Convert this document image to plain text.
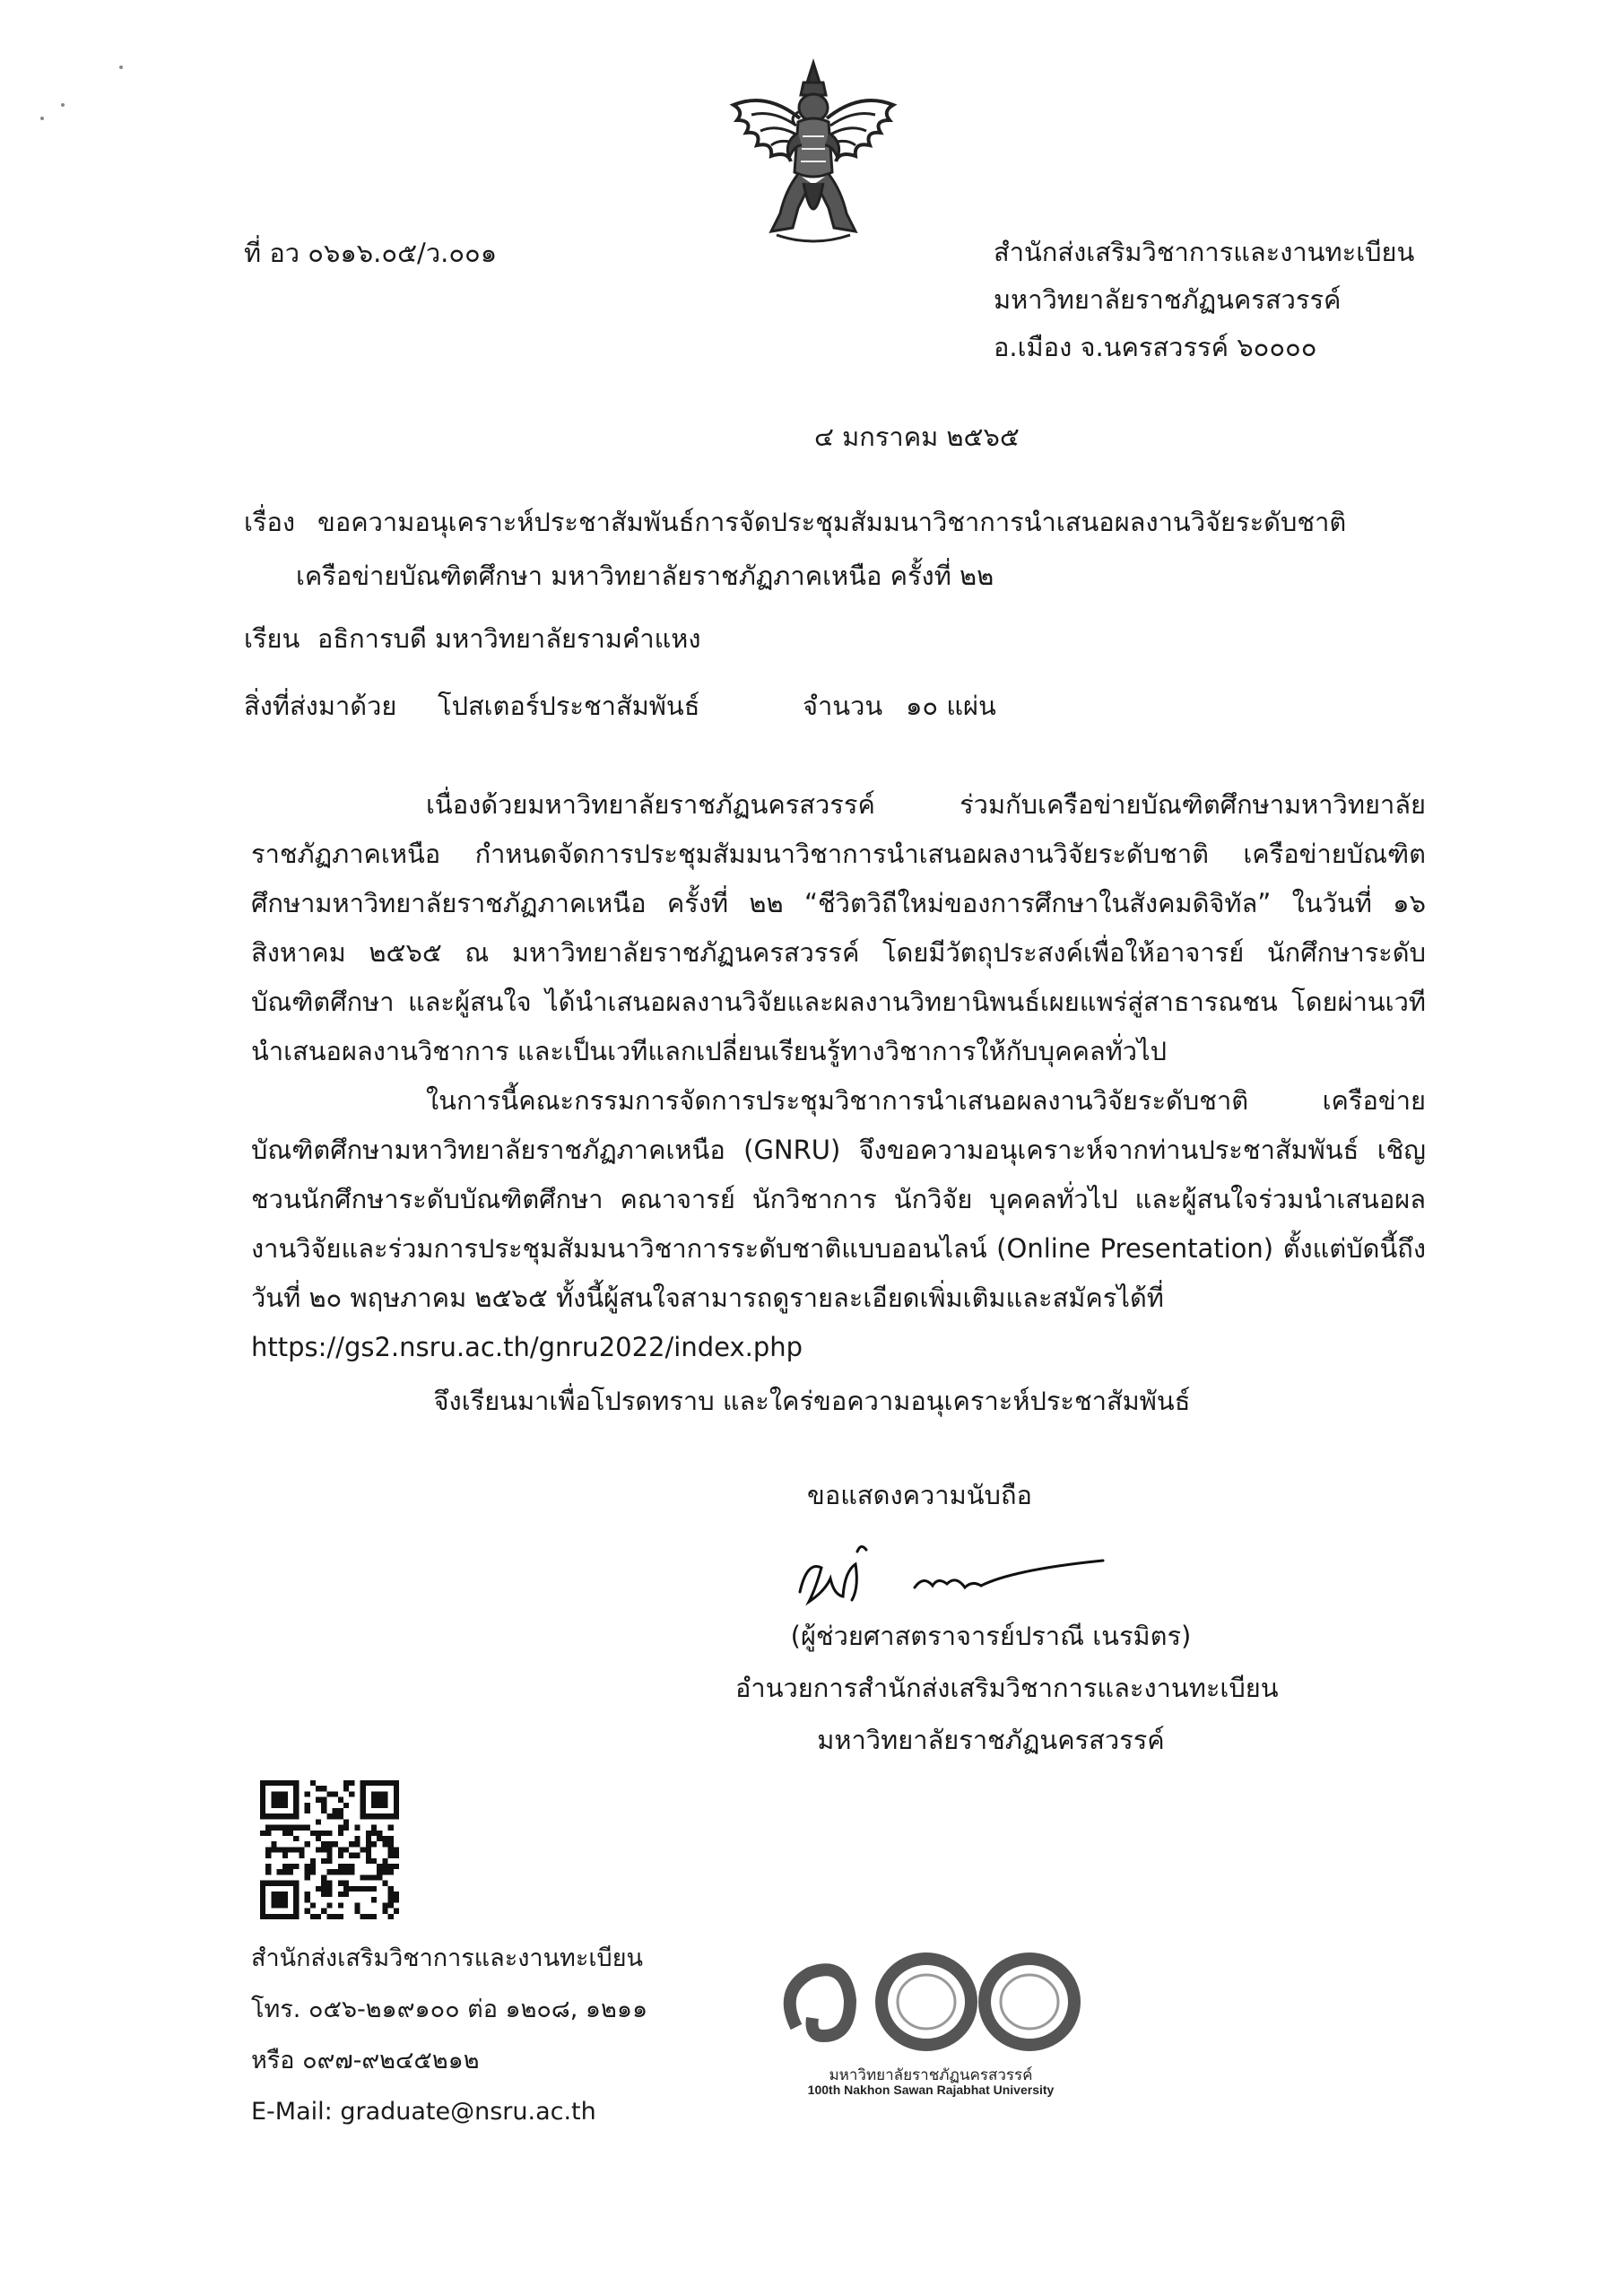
ที่ อว ๐๖๑๖.๐๕/ว.๐๐๑	สำนักส่งเสริมวิชาการและงานทะเบียน
มหาวิทยาลัยราชภัฏนครสวรรค์
อ.เมือง จ.นครสวรรค์ ๖๐๐๐๐
๔ มกราคม ๒๕๖๕
เรื่อง ขอความอนุเคราะห์ประชาสัมพันธ์การจัดประชุมสัมมนาวิชาการนำเสนอผลงานวิจัยระดับชาติ
เครือข่ายบัณฑิตศึกษา มหาวิทยาลัยราชภัฏภาคเหนือ ครั้งที่ ๒๒
เรียน อธิการบดี มหาวิทยาลัยรามคำแหง
สิ่งที่ส่งมาด้วย โปสเตอร์ประชาสัมพันธ์	จำนวน ๑๐ แผ่น

เนื่องด้วยมหาวิทยาลัยราชภัฏนครสวรรค์ ร่วมกับเครือข่ายบัณฑิตศึกษามหาวิทยาลัยราชภัฏภาคเหนือ กำหนดจัดการประชุมสัมมนาวิชาการนำเสนอผลงานวิจัยระดับชาติ เครือข่ายบัณฑิตศึกษามหาวิทยาลัยราชภัฏภาคเหนือ ครั้งที่ ๒๒ “ชีวิตวิถีใหม่ของการศึกษาในสังคมดิจิทัล” ในวันที่ ๑๖ สิงหาคม ๒๕๖๕ ณ มหาวิทยาลัยราชภัฏนครสวรรค์ โดยมีวัตถุประสงค์เพื่อให้อาจารย์ นักศึกษาระดับบัณฑิตศึกษา และผู้สนใจ ได้นำเสนอผลงานวิจัยและผลงานวิทยานิพนธ์เผยแพร่สู่สาธารณชน โดยผ่านเวทีนำเสนอผลงานวิชาการ และเป็นเวทีแลกเปลี่ยนเรียนรู้ทางวิชาการให้กับบุคคลทั่วไป

ในการนี้คณะกรรมการจัดการประชุมวิชาการนำเสนอผลงานวิจัยระดับชาติ เครือข่ายบัณฑิตศึกษามหาวิทยาลัยราชภัฏภาคเหนือ (GNRU) จึงขอความอนุเคราะห์จากท่านประชาสัมพันธ์ เชิญชวนนักศึกษาระดับบัณฑิตศึกษา คณาจารย์ นักวิชาการ นักวิจัย บุคคลทั่วไป และผู้สนใจร่วมนำเสนอผลงานวิจัยและร่วมการประชุมสัมมนาวิชาการระดับชาติแบบออนไลน์ (Online Presentation) ตั้งแต่บัดนี้ถึงวันที่ ๒๐ พฤษภาคม ๒๕๖๕ ทั้งนี้ผู้สนใจสามารถดูรายละเอียดเพิ่มเติมและสมัครได้ที่

https://gs2.nsru.ac.th/gnru2022/index.php
จึงเรียนมาเพื่อโปรดทราบ และใคร่ขอความอนุเคราะห์ประชาสัมพันธ์
ขอแสดงความนับถือ
(ผู้ช่วยศาสตราจารย์ปราณี เนรมิตร)
อำนวยการสำนักส่งเสริมวิชาการและงานทะเบียน
มหาวิทยาลัยราชภัฏนครสวรรค์
สำนักส่งเสริมวิชาการและงานทะเบียน
โทร. ๐๕๖-๒๑๙๑๐๐ ต่อ ๑๒๐๘, ๑๒๑๑
หรือ ๐๙๗-๙๒๔๕๒๑๒
E-Mail: graduate@nsru.ac.th
มหาวิทยาลัยราชภัฏนครสวรรค์
100th Nakhon Sawan Rajabhat University
